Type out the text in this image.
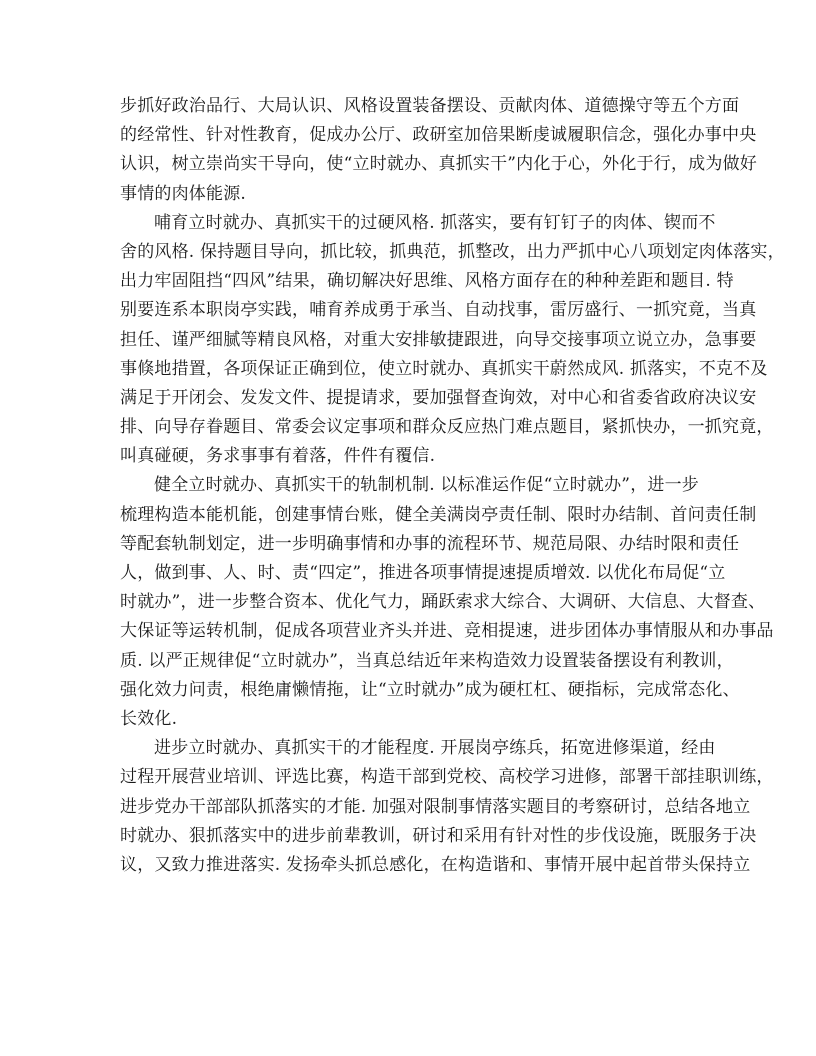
步抓好政治品行、大局认识、风格设置装备摆设、贡献肉体、道德操守等五个方面
的经常性、针对性教育，促成办公厅、政研室加倍果断虔诚履职信念，强化办事中央
认识，树立崇尚实干导向，使“立时就办、真抓实干”内化于心，外化于行，成为做好
事情的肉体能源.
哺育立时就办、真抓实干的过硬风格. 抓落实，要有钉钉子的肉体、锲而不
舍的风格. 保持题目导向，抓比较，抓典范，抓整改，出力严抓中心八项划定肉体落实，
出力牢固阻挡“四风”结果，确切解决好思维、风格方面存在的种种差距和题目. 特
别要连系本职岗亭实践，哺育养成勇于承当、自动找事，雷厉盛行、一抓究竟，当真
担任、谨严细腻等精良风格，对重大安排敏捷跟进，向导交接事项立说立办，急事要
事倏地措置，各项保证正确到位，使立时就办、真抓实干蔚然成风. 抓落实，不克不及
满足于开闭会、发发文件、提提请求，要加强督查询效，对中心和省委省政府决议安
排、向导存眷题目、常委会议定事项和群众反应热门难点题目，紧抓快办，一抓究竟，
叫真碰硬，务求事事有着落，件件有覆信.
健全立时就办、真抓实干的轨制机制. 以标准运作促“立时就办”，进一步
梳理构造本能机能，创建事情台账，健全美满岗亭责任制、限时办结制、首问责任制
等配套轨制划定，进一步明确事情和办事的流程环节、规范局限、办结时限和责任
人，做到事、人、时、责“四定”，推进各项事情提速提质增效. 以优化布局促“立
时就办”，进一步整合资本、优化气力，踊跃索求大综合、大调研、大信息、大督查、
大保证等运转机制，促成各项营业齐头并进、竞相提速，进步团体办事情服从和办事品
质. 以严正规律促“立时就办”，当真总结近年来构造效力设置装备摆设有利教训，
强化效力问责，根绝庸懒情拖，让“立时就办”成为硬杠杠、硬指标，完成常态化、
长效化.
进步立时就办、真抓实干的才能程度. 开展岗亭练兵，拓宽进修渠道，经由
过程开展营业培训、评选比赛，构造干部到党校、高校学习进修，部署干部挂职训练，
进步党办干部部队抓落实的才能. 加强对限制事情落实题目的考察研讨，总结各地立
时就办、狠抓落实中的进步前辈教训，研讨和采用有针对性的步伐设施，既服务于决
议，又致力推进落实. 发扬牵头抓总感化，在构造谐和、事情开展中起首带头保持立
